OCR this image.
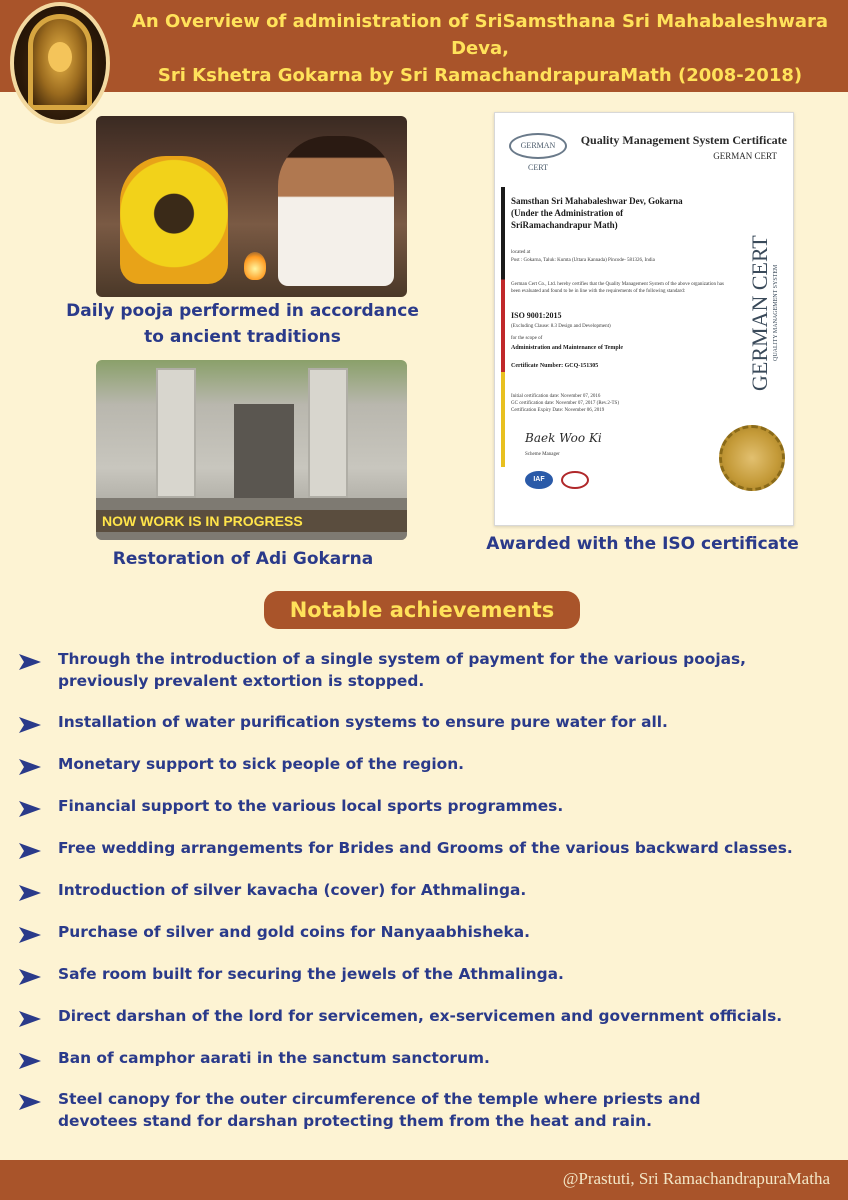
An Overview of administration of SriSamsthana Sri Mahabaleshwara Deva,
Sri Kshetra Gokarna by Sri RamachandrapuraMath (2008-2018)
Daily pooja performed in accordance
to ancient traditions
NOW WORK IS IN PROGRESS
Restoration of Adi Gokarna
GERMAN CERT
Quality Management System Certificate
GERMAN CERT
Samsthan Sri Mahabaleshwar Dev, Gokarna
(Under the Administration of
SriRamachandrapur Math)
located at
Post : Gokarna, Taluk: Kumta (Uttara Kannada) Pincode- 581326, India
German Cert Co., Ltd. hereby certifies that the Quality Management System of the above organization has been evaluated and found to be in line with the requirements of the following standard:
ISO 9001:2015
(Excluding Clause: 8.3 Design and Development)
for the scope of
Administration and Maintenance of Temple
Certificate Number: GCQ-151305
Initial certification date: November 07, 2016
GC certification date: November 07, 2017 (Rev.2-TS)
Certification Expiry Date: November 06, 2019
Baek Woo Ki
Scheme Manager
GERMAN CERT QUALITY MANAGEMENT SYSTEM
IAF
Awarded with the ISO certificate
Notable achievements
Through the introduction of a single system of payment for the various poojas,
previously prevalent extortion is stopped.
Installation of water purification systems to ensure pure water for all.
Monetary support to sick people of the region.
Financial support to the various local sports programmes.
Free wedding arrangements for Brides and Grooms of the various backward classes.
Introduction of silver kavacha (cover) for Athmalinga.
Purchase of silver and gold coins for Nanyaabhisheka.
Safe room built for securing the jewels of the Athmalinga.
Direct darshan of the lord for servicemen, ex-servicemen and government officials.
Ban of camphor aarati in the sanctum sanctorum.
Steel canopy for the outer circumference of the temple where priests and
devotees stand for darshan protecting them from the heat and rain.
@Prastuti, Sri RamachandrapuraMatha
